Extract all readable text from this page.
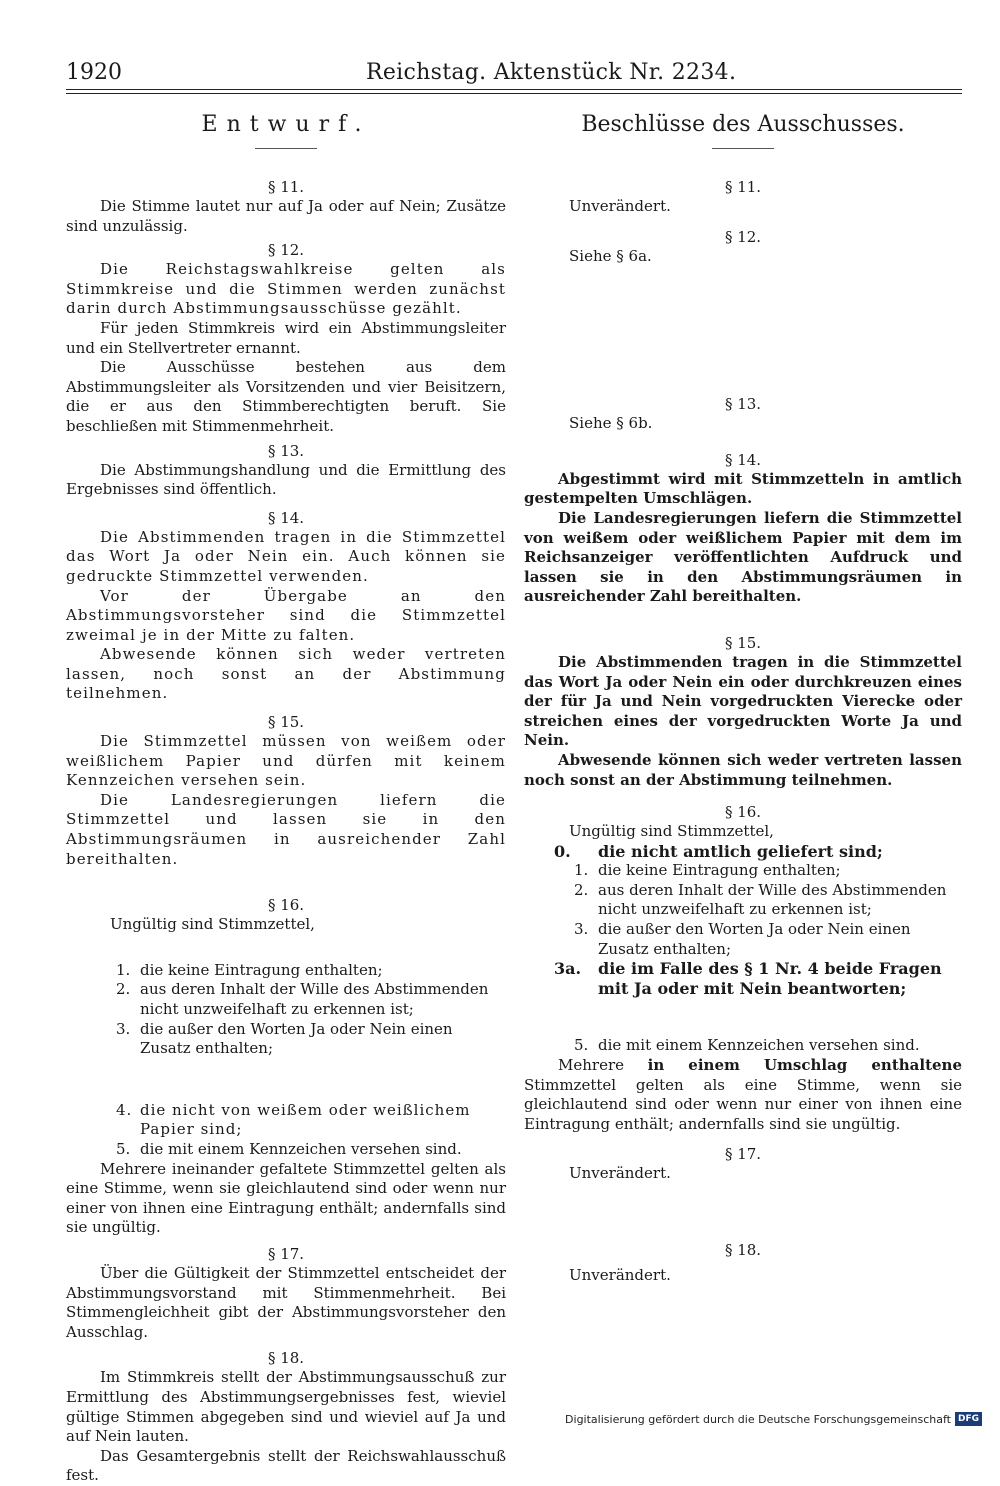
1920	Reichstag. Aktenstück Nr. 2234.
Entwurf.
§ 11.

Die Stimme lautet nur auf Ja oder auf Nein; Zusätze sind unzulässig.

§ 12.

Die Reichstagswahlkreise gelten als Stimmkreise und die Stimmen werden zunächst darin durch Abstimmungsausschüsse gezählt.

Für jeden Stimmkreis wird ein Abstimmungsleiter und ein Stellvertreter ernannt.

Die Ausschüsse bestehen aus dem Abstimmungsleiter als Vorsitzenden und vier Beisitzern, die er aus den Stimmberechtigten beruft. Sie beschließen mit Stimmenmehrheit.

§ 13.

Die Abstimmungshandlung und die Ermittlung des Ergebnisses sind öffentlich.

§ 14.

Die Abstimmenden tragen in die Stimmzettel das Wort Ja oder Nein ein. Auch können sie gedruckte Stimmzettel verwenden.

Vor der Übergabe an den Abstimmungsvorsteher sind die Stimmzettel zweimal je in der Mitte zu falten.

Abwesende können sich weder vertreten lassen, noch sonst an der Abstimmung teilnehmen.

§ 15.

Die Stimmzettel müssen von weißem oder weißlichem Papier und dürfen mit keinem Kennzeichen versehen sein.

Die Landesregierungen liefern die Stimmzettel und lassen sie in den Abstimmungsräumen in ausreichender Zahl bereithalten.

§ 16.
Ungültig sind Stimmzettel,
1. die keine Eintragung enthalten;
2. aus deren Inhalt der Wille des Abstimmenden nicht unzweifelhaft zu erkennen ist;
3. die außer den Worten Ja oder Nein einen Zusatz enthalten;
4. die nicht von weißem oder weißlichem Papier sind;
5. die mit einem Kennzeichen versehen sind.

Mehrere ineinander gefaltete Stimmzettel gelten als eine Stimme, wenn sie gleichlautend sind oder wenn nur einer von ihnen eine Eintragung enthält; andernfalls sind sie ungültig.

§ 17.

Über die Gültigkeit der Stimmzettel entscheidet der Abstimmungsvorstand mit Stimmenmehrheit. Bei Stimmengleichheit gibt der Abstimmungsvorsteher den Ausschlag.

§ 18.

Im Stimmkreis stellt der Abstimmungsausschuß zur Ermittlung des Abstimmungsergebnisses fest, wieviel gültige Stimmen abgegeben sind und wieviel auf Ja und auf Nein lauten.

Das Gesamtergebnis stellt der Reichswahlausschuß fest.

Beschlüsse des Ausschusses.
§ 11.
Unverändert.
§ 12.
Siehe § 6a.
§ 13.
Siehe § 6b.
§ 14.

Abgestimmt wird mit Stimmzetteln in amtlich gestempelten Umschlägen.

Die Landesregierungen liefern die Stimmzettel von weißem oder weißlichem Papier mit dem im Reichsanzeiger veröffentlichten Aufdruck und lassen sie in den Abstimmungsräumen in ausreichender Zahl bereithalten.

§ 15.

Die Abstimmenden tragen in die Stimmzettel das Wort Ja oder Nein ein oder durchkreuzen eines der für Ja und Nein vorgedruckten Vierecke oder streichen eines der vorgedruckten Worte Ja und Nein.

Abwesende können sich weder vertreten lassen noch sonst an der Abstimmung teilnehmen.

§ 16.
Ungültig sind Stimmzettel,
0. die nicht amtlich geliefert sind;
1. die keine Eintragung enthalten;
2. aus deren Inhalt der Wille des Abstimmenden nicht unzweifelhaft zu erkennen ist;
3. die außer den Worten Ja oder Nein einen Zusatz enthalten;
3a. die im Falle des § 1 Nr. 4 beide Fragen mit Ja oder mit Nein beantworten;
5. die mit einem Kennzeichen versehen sind.

Mehrere in einem Umschlag enthaltene Stimmzettel gelten als eine Stimme, wenn sie gleichlautend sind oder wenn nur einer von ihnen eine Eintragung enthält; andernfalls sind sie ungültig.

§ 17.
Unverändert.
§ 18.
Unverändert.
Digitalisierung gefördert durch die Deutsche Forschungsgemeinschaft DFG
